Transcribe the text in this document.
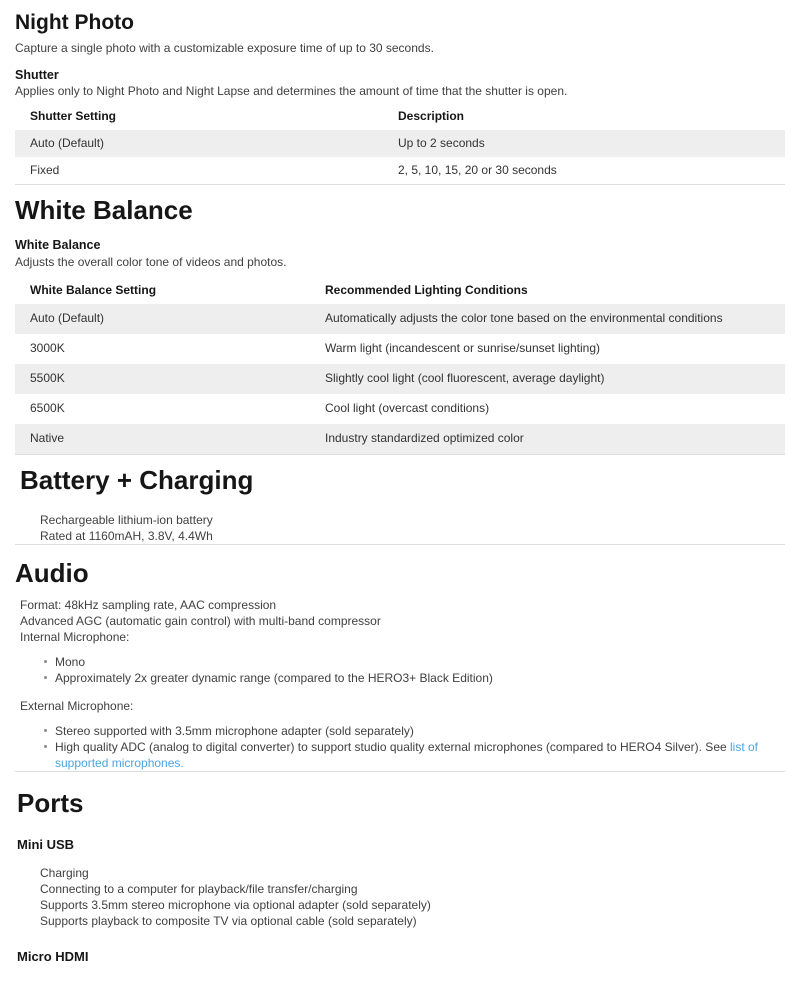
Night Photo

Capture a single photo with a customizable exposure time of up to 30 seconds.

Shutter

Applies only to Night Photo and Night Lapse and determines the amount of time that the shutter is open.

Shutter Setting	Description
Auto (Default)	Up to 2 seconds
Fixed	2, 5, 10, 15, 20 or 30 seconds
White Balance
White Balance

Adjusts the overall color tone of videos and photos.

White Balance Setting	Recommended Lighting Conditions
Auto (Default)	Automatically adjusts the color tone based on the environmental conditions
3000K	Warm light (incandescent or sunrise/sunset lighting)
5500K	Slightly cool light (cool fluorescent, average daylight)
6500K	Cool light (overcast conditions)
Native	Industry standardized optimized color
Battery + Charging
Rechargeable lithium-ion battery
Rated at 1160mAH, 3.8V, 4.4Wh
Audio
Format: 48kHz sampling rate, AAC compression
Advanced AGC (automatic gain control) with multi-band compressor
Internal Microphone:
Mono
Approximately 2x greater dynamic range (compared to the HERO3+ Black Edition)
External Microphone:
Stereo supported with 3.5mm microphone adapter (sold separately)
High quality ADC (analog to digital converter) to support studio quality external microphones (compared to HERO4 Silver). See list of supported microphones.
Ports
Mini USB
Charging
Connecting to a computer for playback/file transfer/charging
Supports 3.5mm stereo microphone via optional adapter (sold separately)
Supports playback to composite TV via optional cable (sold separately)
Micro HDMI
